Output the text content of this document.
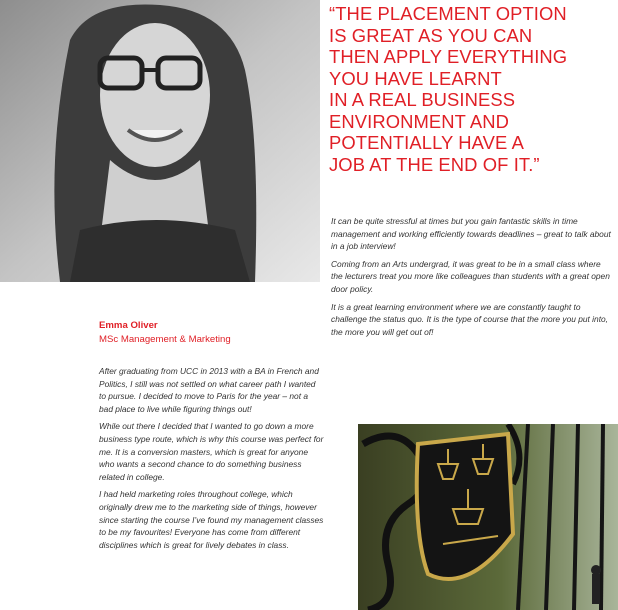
“THE PLACEMENT OPTION
IS GREAT AS YOU CAN
THEN APPLY EVERYTHING
YOU HAVE LEARNT
IN A REAL BUSINESS
ENVIRONMENT AND
POTENTIALLY HAVE A
JOB AT THE END OF IT.”

It can be quite stressful at times but you gain fantastic skills in time management and working efficiently towards deadlines – great to talk about in a job interview!

Coming from an Arts undergrad, it was great to be in a small class where the lecturers treat you more like colleagues than students with a great open door policy.

It is a great learning environment where we are constantly taught to challenge the status quo. It is the type of course that the more you put into, the more you will get out of!

Emma Oliver
MSc Management & Marketing

After graduating from UCC in 2013 with a BA in French and Politics, I still was not settled on what career path I wanted to pursue. I decided to move to Paris for the year – not a bad place to live while figuring things out!

While out there I decided that I wanted to go down a more business type route, which is why this course was perfect for me. It is a conversion masters, which is great for anyone who wants a second chance to do something business related in college.

I had held marketing roles throughout college, which originally drew me to the marketing side of things, however since starting the course I’ve found my management classes to be my favourites! Everyone has come from different disciplines which is great for lively debates in class.
